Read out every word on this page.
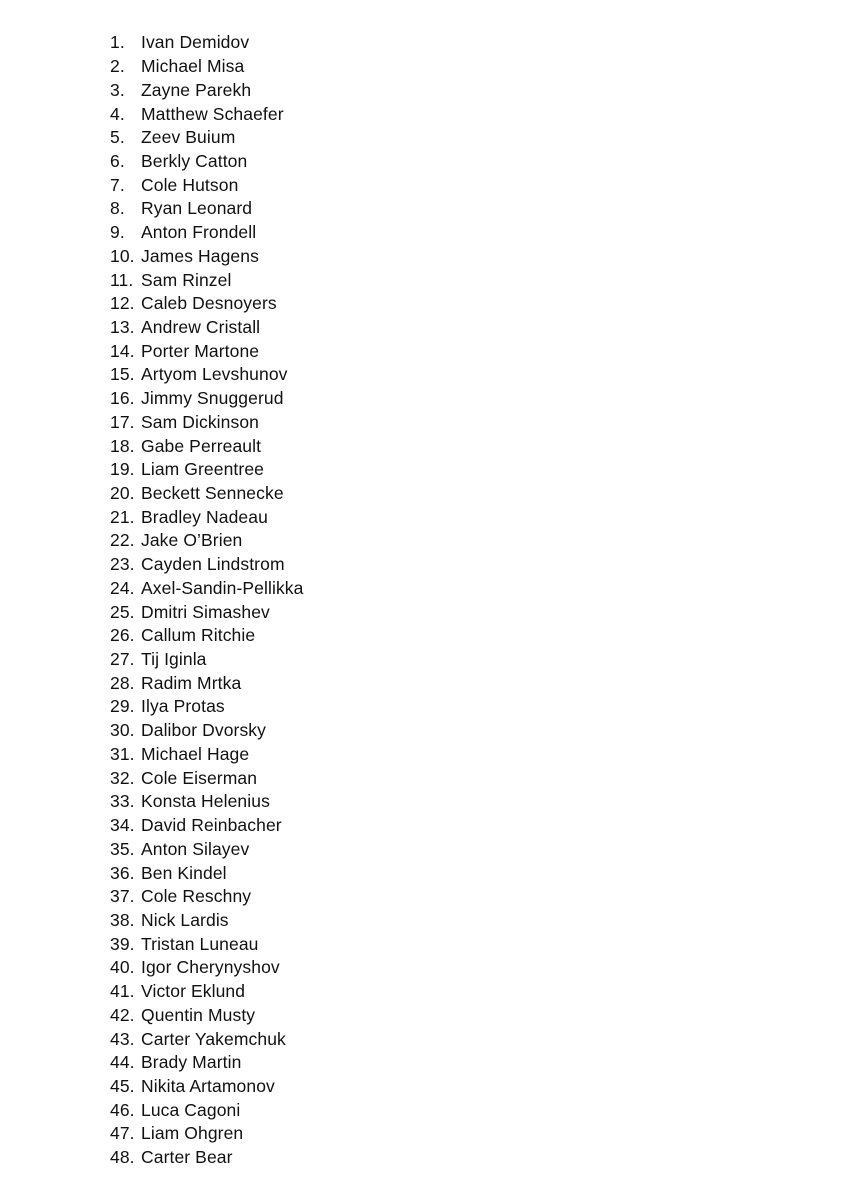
1. Ivan Demidov
2. Michael Misa
3. Zayne Parekh
4. Matthew Schaefer
5. Zeev Buium
6. Berkly Catton
7. Cole Hutson
8. Ryan Leonard
9. Anton Frondell
10. James Hagens
11. Sam Rinzel
12. Caleb Desnoyers
13. Andrew Cristall
14. Porter Martone
15. Artyom Levshunov
16. Jimmy Snuggerud
17. Sam Dickinson
18. Gabe Perreault
19. Liam Greentree
20. Beckett Sennecke
21. Bradley Nadeau
22. Jake O’Brien
23. Cayden Lindstrom
24. Axel-Sandin-Pellikka
25. Dmitri Simashev
26. Callum Ritchie
27. Tij Iginla
28. Radim Mrtka
29. Ilya Protas
30. Dalibor Dvorsky
31. Michael Hage
32. Cole Eiserman
33. Konsta Helenius
34. David Reinbacher
35. Anton Silayev
36. Ben Kindel
37. Cole Reschny
38. Nick Lardis
39. Tristan Luneau
40. Igor Cherynyshov
41. Victor Eklund
42. Quentin Musty
43. Carter Yakemchuk
44. Brady Martin
45. Nikita Artamonov
46. Luca Cagoni
47. Liam Ohgren
48. Carter Bear
